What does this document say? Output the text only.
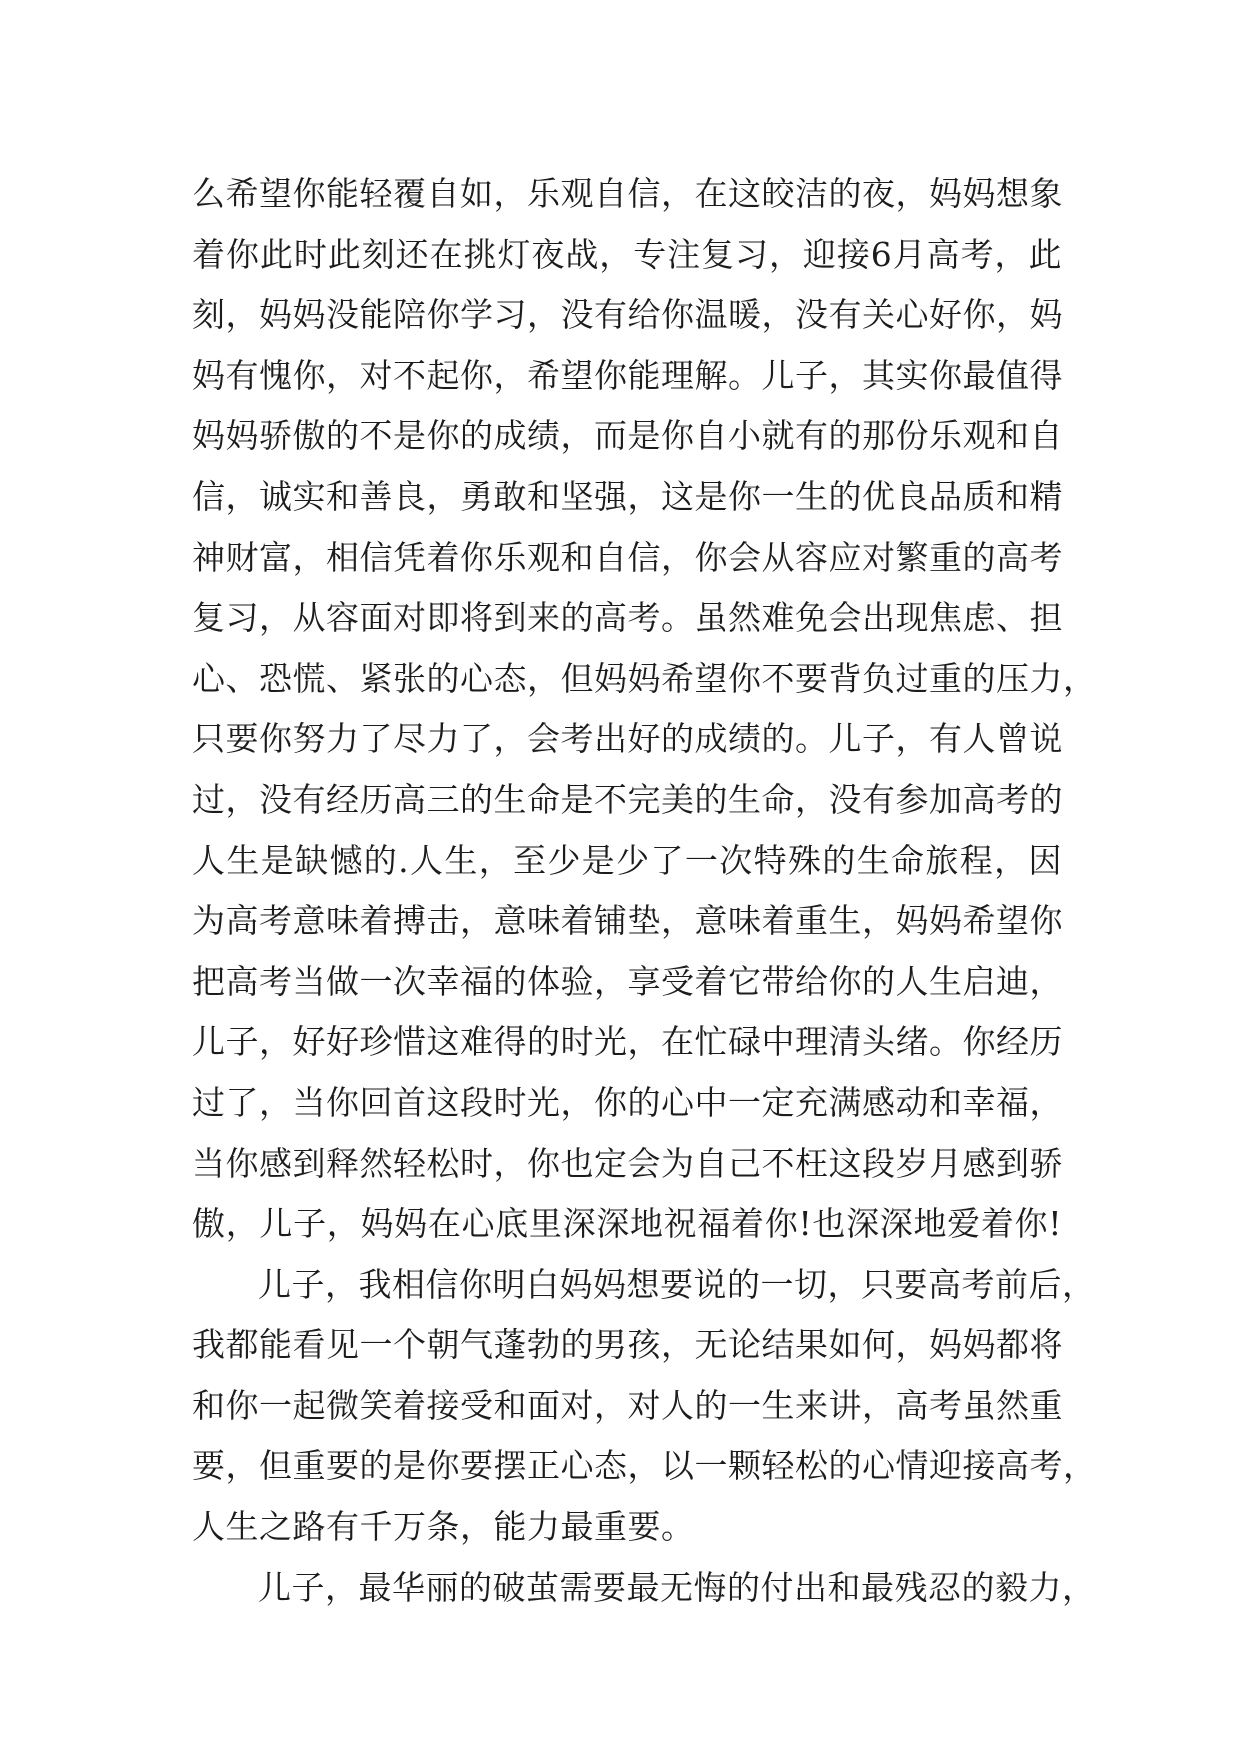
么希望你能轻覆自如，乐观自信，在这皎洁的夜，妈妈想象
着你此时此刻还在挑灯夜战，专注复习，迎接6月高考，此
刻，妈妈没能陪你学习，没有给你温暖，没有关心好你，妈
妈有愧你，对不起你，希望你能理解。儿子，其实你最值得
妈妈骄傲的不是你的成绩，而是你自小就有的那份乐观和自
信，诚实和善良，勇敢和坚强，这是你一生的优良品质和精
神财富，相信凭着你乐观和自信，你会从容应对繁重的高考
复习，从容面对即将到来的高考。虽然难免会出现焦虑、担
心、恐慌、紧张的心态，但妈妈希望你不要背负过重的压力，
只要你努力了尽力了，会考出好的成绩的。儿子，有人曾说
过，没有经历高三的生命是不完美的生命，没有参加高考的
人生是缺憾的.人生，至少是少了一次特殊的生命旅程，因
为高考意味着搏击，意味着铺垫，意味着重生，妈妈希望你
把高考当做一次幸福的体验，享受着它带给你的人生启迪，
儿子，好好珍惜这难得的时光，在忙碌中理清头绪。你经历
过了，当你回首这段时光，你的心中一定充满感动和幸福，
当你感到释然轻松时，你也定会为自己不枉这段岁月感到骄
傲，儿子，妈妈在心底里深深地祝福着你!也深深地爱着你!
儿子，我相信你明白妈妈想要说的一切，只要高考前后，
我都能看见一个朝气蓬勃的男孩，无论结果如何，妈妈都将
和你一起微笑着接受和面对，对人的一生来讲，高考虽然重
要，但重要的是你要摆正心态，以一颗轻松的心情迎接高考，
人生之路有千万条，能力最重要。
儿子，最华丽的破茧需要最无悔的付出和最残忍的毅力，
